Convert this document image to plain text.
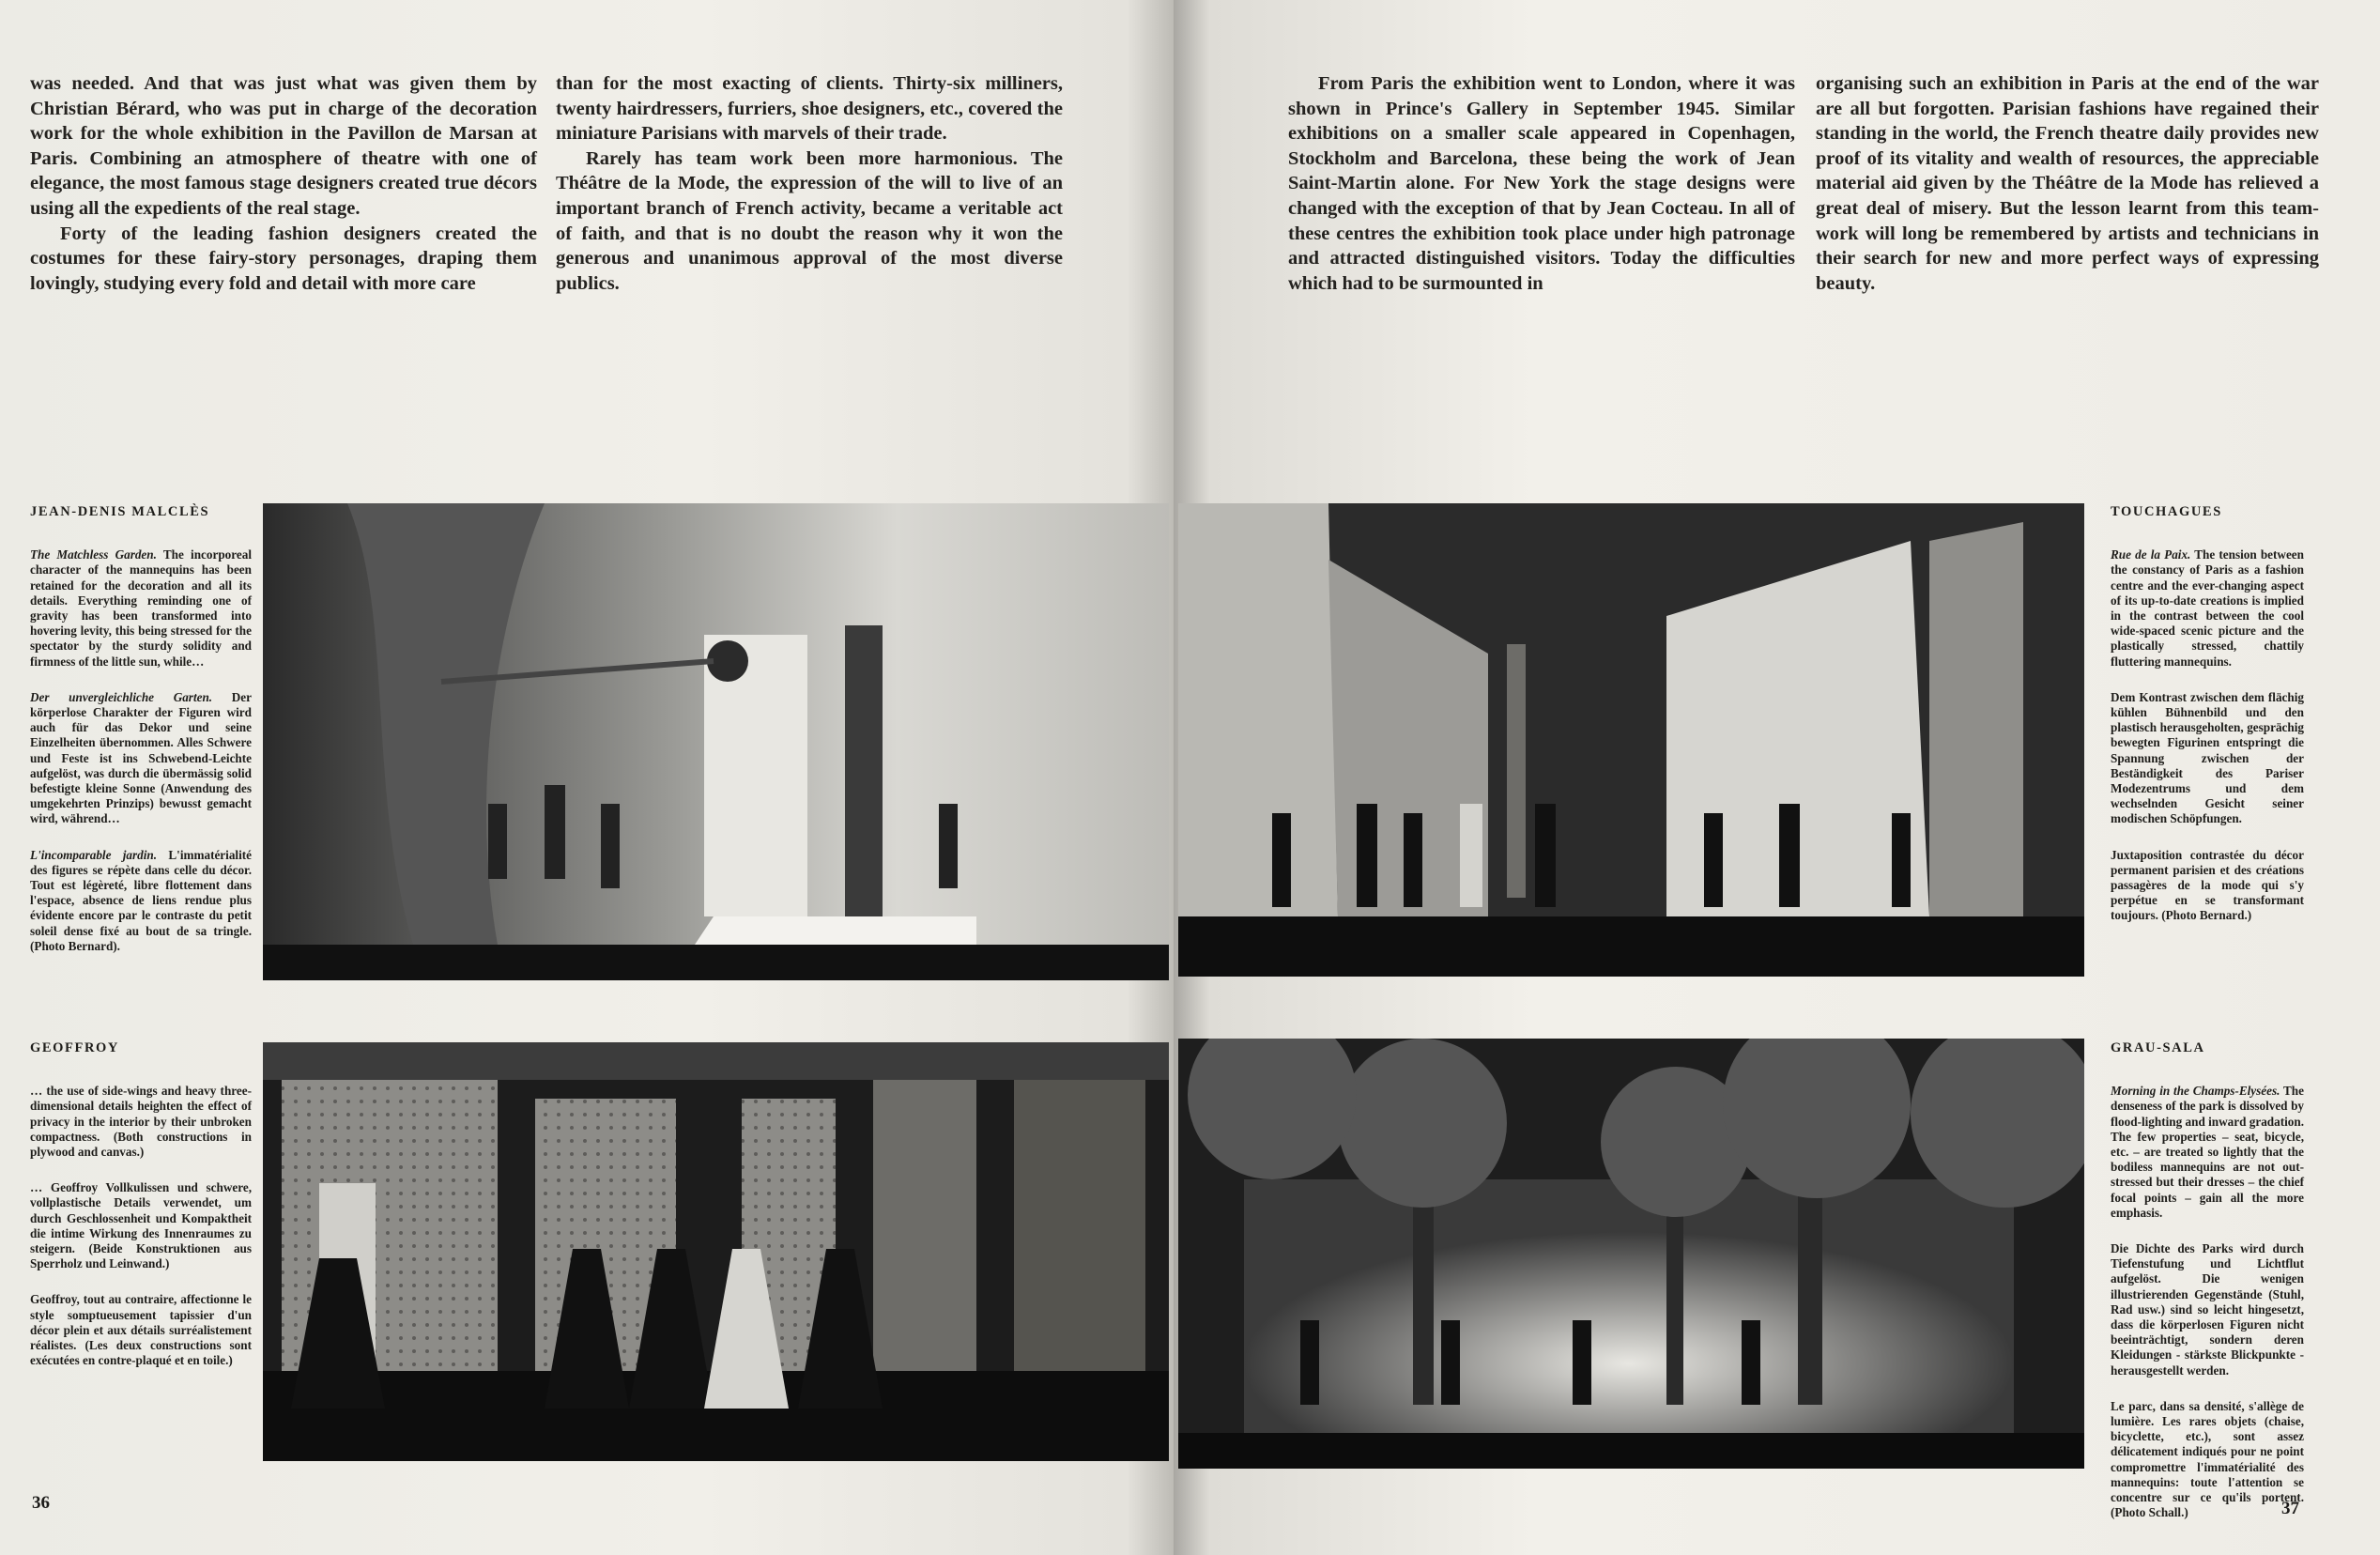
was needed. And that was just what was given them by Christian Bérard, who was put in charge of the decoration work for the whole exhibition in the Pavillon de Marsan at Paris. Combining an atmosphere of theatre with one of elegance, the most famous stage designers created true décors using all the expedients of the real stage.

Forty of the leading fashion designers created the costumes for these fairy-story personages, draping them lovingly, studying every fold and detail with more care

than for the most exacting of clients. Thirty-six milliners, twenty hairdressers, furriers, shoe designers, etc., covered the miniature Parisians with marvels of their trade.

Rarely has team work been more harmonious. The Théâtre de la Mode, the expression of the will to live of an important branch of French activity, became a veritable act of faith, and that is no doubt the reason why it won the generous and unanimous approval of the most diverse publics.

JEAN-DENIS MALCLÈS

The Matchless Garden. The incorporeal character of the mannequins has been retained for the decoration and all its details. Everything reminding one of gravity has been transformed into hovering levity, this being stressed for the spectator by the sturdy solidity and firmness of the little sun, while…

Der unvergleichliche Garten. Der körperlose Charakter der Figuren wird auch für das Dekor und seine Einzelheiten übernommen. Alles Schwere und Feste ist ins Schwebend-Leichte aufgelöst, was durch die übermässig solid befestigte kleine Sonne (Anwendung des umgekehrten Prinzips) bewusst gemacht wird, während…

L'incomparable jardin. L'immatérialité des figures se répète dans celle du décor. Tout est légèreté, libre flottement dans l'espace, absence de liens rendue plus évidente encore par le contraste du petit soleil dense fixé au bout de sa tringle. (Photo Bernard).

GEOFFROY

… the use of side-wings and heavy three-dimensional details heighten the effect of privacy in the interior by their unbroken compactness. (Both constructions in plywood and canvas.)

… Geoffroy Vollkulissen und schwere, vollplastische Details verwendet, um durch Geschlossenheit und Kompaktheit die intime Wirkung des Innenraumes zu steigern. (Beide Konstruktionen aus Sperrholz und Leinwand.)

Geoffroy, tout au contraire, affectionne le style somptueusement tapissier d'un décor plein et aux détails surréalistement réalistes. (Les deux constructions sont exécutées en contre-plaqué et en toile.)

36

From Paris the exhibition went to London, where it was shown in Prince's Gallery in September 1945. Similar exhibitions on a smaller scale appeared in Copenhagen, Stockholm and Barcelona, these being the work of Jean Saint-Martin alone. For New York the stage designs were changed with the exception of that by Jean Cocteau. In all of these centres the exhibition took place under high patronage and attracted distinguished visitors. Today the difficulties which had to be surmounted in

organising such an exhibition in Paris at the end of the war are all but forgotten. Parisian fashions have regained their standing in the world, the French theatre daily provides new proof of its vitality and wealth of resources, the appreciable material aid given by the Théâtre de la Mode has relieved a great deal of misery. But the lesson learnt from this team-work will long be remembered by artists and technicians in their search for new and more perfect ways of expressing beauty.

TOUCHAGUES

Rue de la Paix. The tension between the constancy of Paris as a fashion centre and the ever-changing aspect of its up-to-date creations is implied in the contrast between the cool wide-spaced scenic picture and the plastically stressed, chattily fluttering mannequins.

Dem Kontrast zwischen dem flächig kühlen Bühnenbild und den plastisch herausgeholten, gesprächig bewegten Figurinen entspringt die Spannung zwischen der Beständigkeit des Pariser Modezentrums und dem wechselnden Gesicht seiner modischen Schöpfungen.

Juxtaposition contrastée du décor permanent parisien et des créations passagères de la mode qui s'y perpétue en se transformant toujours. (Photo Bernard.)

GRAU-SALA

Morning in the Champs-Elysées. The denseness of the park is dissolved by flood-lighting and inward gradation. The few properties – seat, bicycle, etc. – are treated so lightly that the bodiless mannequins are not out-stressed but their dresses – the chief focal points – gain all the more emphasis.

Die Dichte des Parks wird durch Tiefenstufung und Lichtflut aufgelöst. Die wenigen illustrierenden Gegenstände (Stuhl, Rad usw.) sind so leicht hingesetzt, dass die körperlosen Figuren nicht beeinträchtigt, sondern deren Kleidungen - stärkste Blickpunkte - herausgestellt werden.

Le parc, dans sa densité, s'allège de lumière. Les rares objets (chaise, bicyclette, etc.), sont assez délicatement indiqués pour ne point compromettre l'immatérialité des mannequins: toute l'attention se concentre sur ce qu'ils portent. (Photo Schall.)	37
